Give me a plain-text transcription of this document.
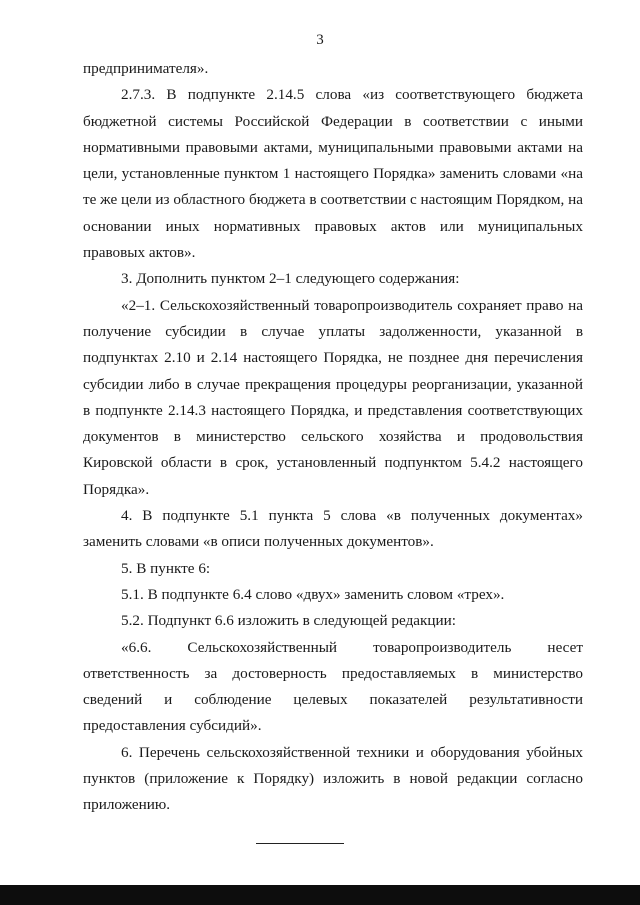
3

предпринимателя».

2.7.3. В подпункте 2.14.5 слова «из соответствующего бюджета бюджетной системы Российской Федерации в соответствии с иными нормативными правовыми актами, муниципальными правовыми актами на цели, установленные пунктом 1 настоящего Порядка» заменить словами «на те же цели из областного бюджета в соответствии с настоящим Порядком, на основании иных нормативных правовых актов или муниципальных правовых актов».

3. Дополнить пунктом 2–1 следующего содержания:

«2–1. Сельскохозяйственный товаропроизводитель сохраняет право на получение субсидии в случае уплаты задолженности, указанной в подпунктах 2.10 и 2.14 настоящего Порядка, не позднее дня перечисления субсидии либо в случае прекращения процедуры реорганизации, указанной в подпункте 2.14.3 настоящего Порядка, и представления соответствующих документов в министерство сельского хозяйства и продовольствия Кировской области в срок, установленный подпунктом 5.4.2 настоящего Порядка».

4. В подпункте 5.1 пункта 5 слова «в полученных документах» заменить словами «в описи полученных документов».

5. В пункте 6:

5.1. В подпункте 6.4 слово «двух» заменить словом «трех».

5.2. Подпункт 6.6 изложить в следующей редакции:

«6.6. Сельскохозяйственный товаропроизводитель несет ответственность за достоверность предоставляемых в министерство сведений и соблюдение целевых показателей результативности предоставления субсидий».

6. Перечень сельскохозяйственной техники и оборудования убойных пунктов (приложение к Порядку) изложить в новой редакции согласно приложению.
